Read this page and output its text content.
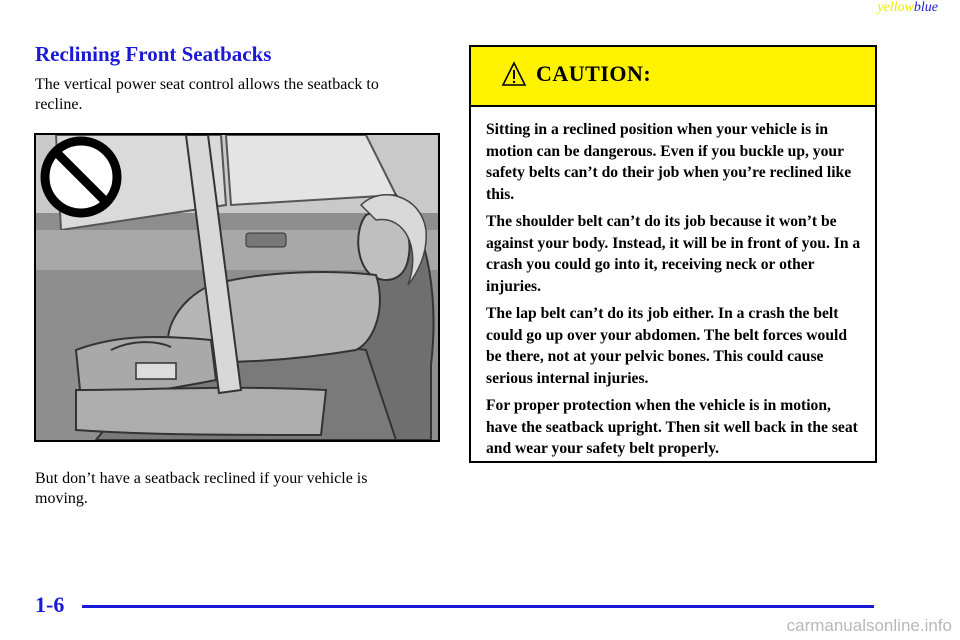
yellowblue
Reclining Front Seatbacks

The vertical power seat control allows the seatback to recline.

But don’t have a seatback reclined if your vehicle is moving.

CAUTION:

Sitting in a reclined position when your vehicle is in motion can be dangerous. Even if you buckle up, your safety belts can’t do their job when you’re reclined like this.

The shoulder belt can’t do its job because it won’t be against your body. Instead, it will be in front of you. In a crash you could go into it, receiving neck or other injuries.

The lap belt can’t do its job either. In a crash the belt could go up over your abdomen. The belt forces would be there, not at your pelvic bones. This could cause serious internal injuries.

For proper protection when the vehicle is in motion, have the seatback upright. Then sit well back in the seat and wear your safety belt properly.

1-6
carmanualsonline.info
